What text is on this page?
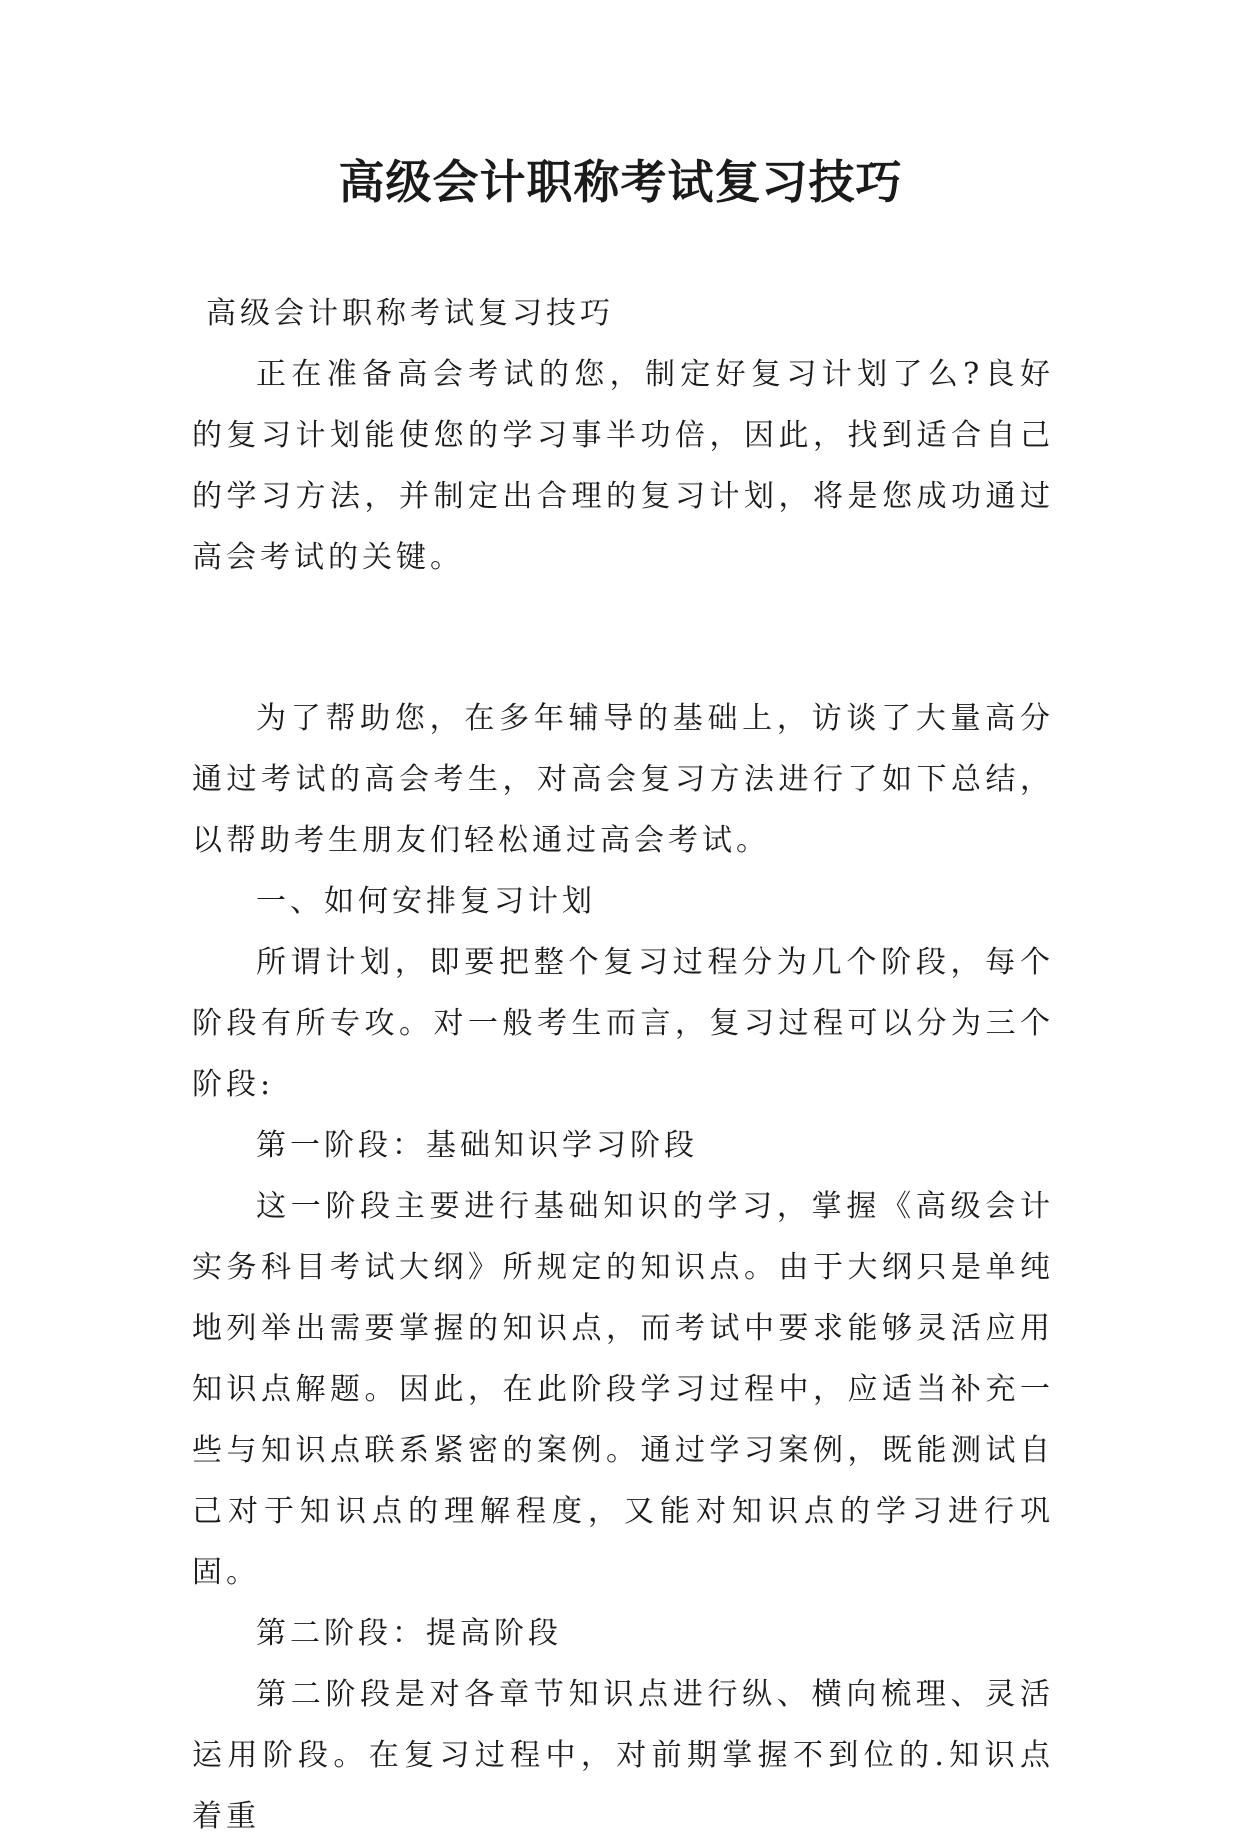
高级会计职称考试复习技巧

高级会计职称考试复习技巧

正在准备高会考试的您，制定好复习计划了么?良好的复习计划能使您的学习事半功倍，因此，找到适合自己的学习方法，并制定出合理的复习计划，将是您成功通过高会考试的关键。

为了帮助您，在多年辅导的基础上，访谈了大量高分通过考试的高会考生，对高会复习方法进行了如下总结，以帮助考生朋友们轻松通过高会考试。

一、如何安排复习计划

所谓计划，即要把整个复习过程分为几个阶段，每个阶段有所专攻。对一般考生而言，复习过程可以分为三个阶段:

第一阶段：基础知识学习阶段

这一阶段主要进行基础知识的学习，掌握《高级会计实务科目考试大纲》所规定的知识点。由于大纲只是单纯地列举出需要掌握的知识点，而考试中要求能够灵活应用知识点解题。因此，在此阶段学习过程中，应适当补充一些与知识点联系紧密的案例。通过学习案例，既能测试自己对于知识点的理解程度，又能对知识点的学习进行巩固。

第二阶段：提高阶段

第二阶段是对各章节知识点进行纵、横向梳理、灵活运用阶段。在复习过程中，对前期掌握不到位的.知识点着重
